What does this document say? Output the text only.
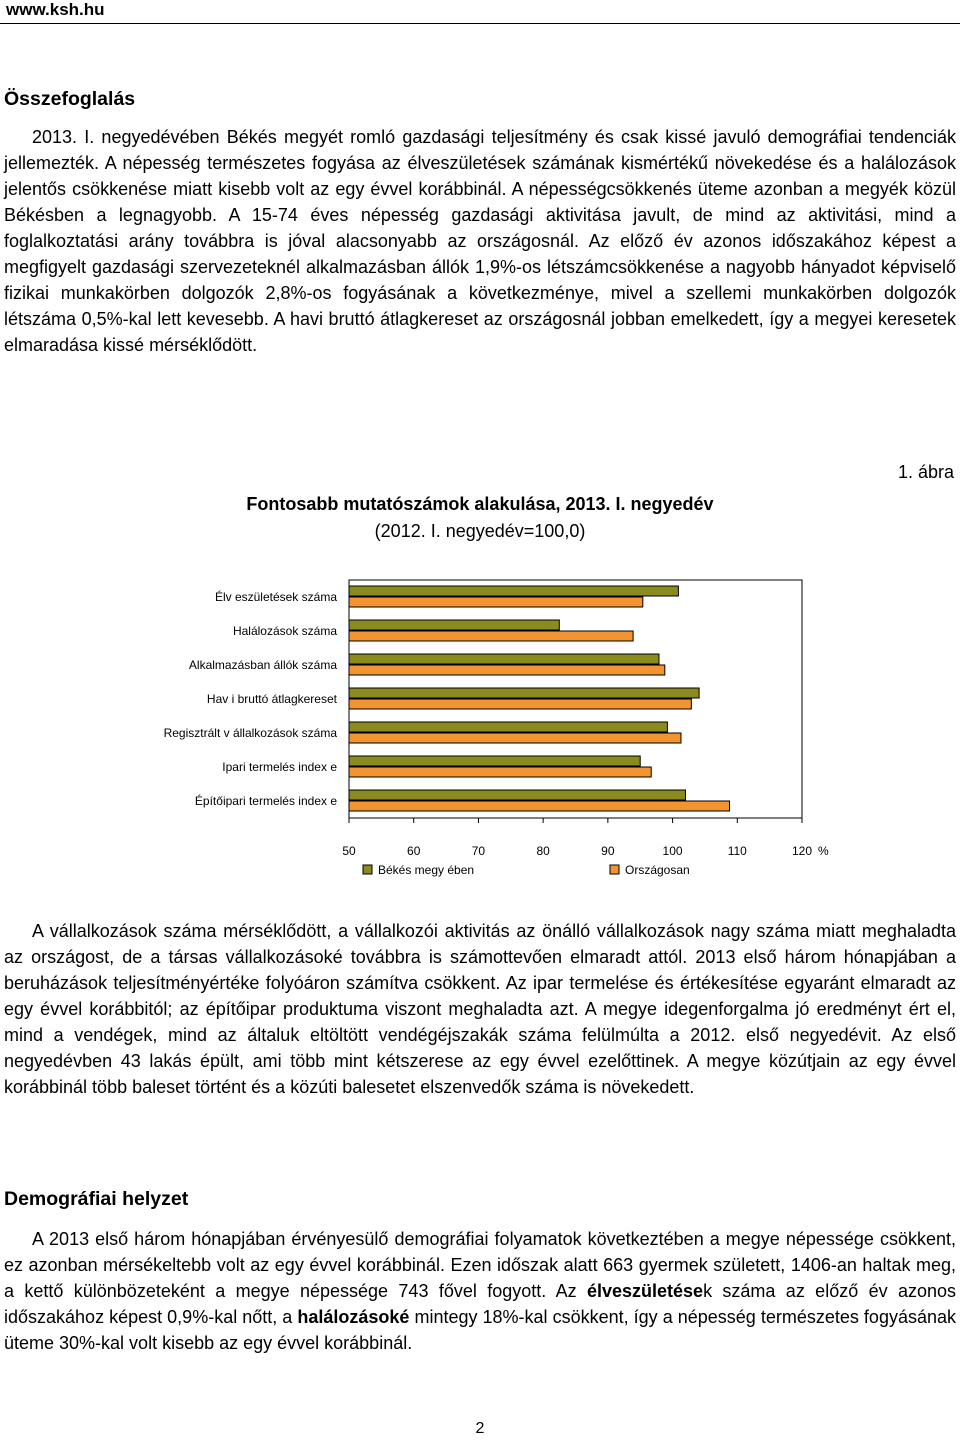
www.ksh.hu
Összefoglalás

2013. I. negyedévében Békés megyét romló gazdasági teljesítmény és csak kissé javuló demográfiai tendenciák jellemezték. A népesség természetes fogyása az élveszületések számának kismértékű növekedése és a halálozások jelentős csökkenése miatt kisebb volt az egy évvel korábbinál. A népességcsökkenés üteme azonban a megyék közül Békésben a legnagyobb. A 15-74 éves népesség gazdasági aktivitása javult, de mind az aktivitási, mind a foglalkoztatási arány továbbra is jóval alacsonyabb az országosnál. Az előző év azonos időszakához képest a megfigyelt gazdasági szervezeteknél alkalmazásban állók 1,9%-os létszámcsökkenése a nagyobb hányadot képviselő fizikai munkakörben dolgozók 2,8%-os fogyásának a következménye, mivel a szellemi munkakörben dolgozók létszáma 0,5%-kal lett kevesebb. A havi bruttó átlagkereset az országosnál jobban emelkedett, így a megyei keresetek elmaradása kissé mérséklődött.

1. ábra
Fontosabb mutatószámok alakulása, 2013. I. negyedév
(2012. I. negyedév=100,0)
Élv eszületések száma
Halálozások száma
Alkalmazásban állók száma
Hav i bruttó átlagkereset
Regisztrált v állalkozások száma
Ipari termelés index e
Építőipari termelés index e
50	60	70	80	90	100	110	120 %
Békés megy ében	Országosan

A vállalkozások száma mérséklődött, a vállalkozói aktivitás az önálló vállalkozások nagy száma miatt meghaladta az országost, de a társas vállalkozásoké továbbra is számottevően elmaradt attól. 2013 első három hónapjában a beruházások teljesítményértéke folyóáron számítva csökkent. Az ipar termelése és értékesítése egyaránt elmaradt az egy évvel korábbitól; az építőipar produktuma viszont meghaladta azt. A megye idegenforgalma jó eredményt ért el, mind a vendégek, mind az általuk eltöltött vendégéjszakák száma felülmúlta a 2012. első negyedévit. Az első negyedévben 43 lakás épült, ami több mint kétszerese az egy évvel ezelőttinek. A megye közútjain az egy évvel korábbinál több baleset történt és a közúti balesetet elszenvedők száma is növekedett.

Demográfiai helyzet

A 2013 első három hónapjában érvényesülő demográfiai folyamatok következtében a megye népessége csökkent, ez azonban mérsékeltebb volt az egy évvel korábbinál. Ezen időszak alatt 663 gyermek született, 1406-an haltak meg, a kettő különbözeteként a megye népessége 743 fővel fogyott. Az élveszületések száma az előző év azonos időszakához képest 0,9%-kal nőtt, a halálozásoké mintegy 18%-kal csökkent, így a népesség természetes fogyásának üteme 30%-kal volt kisebb az egy évvel korábbinál.

2
